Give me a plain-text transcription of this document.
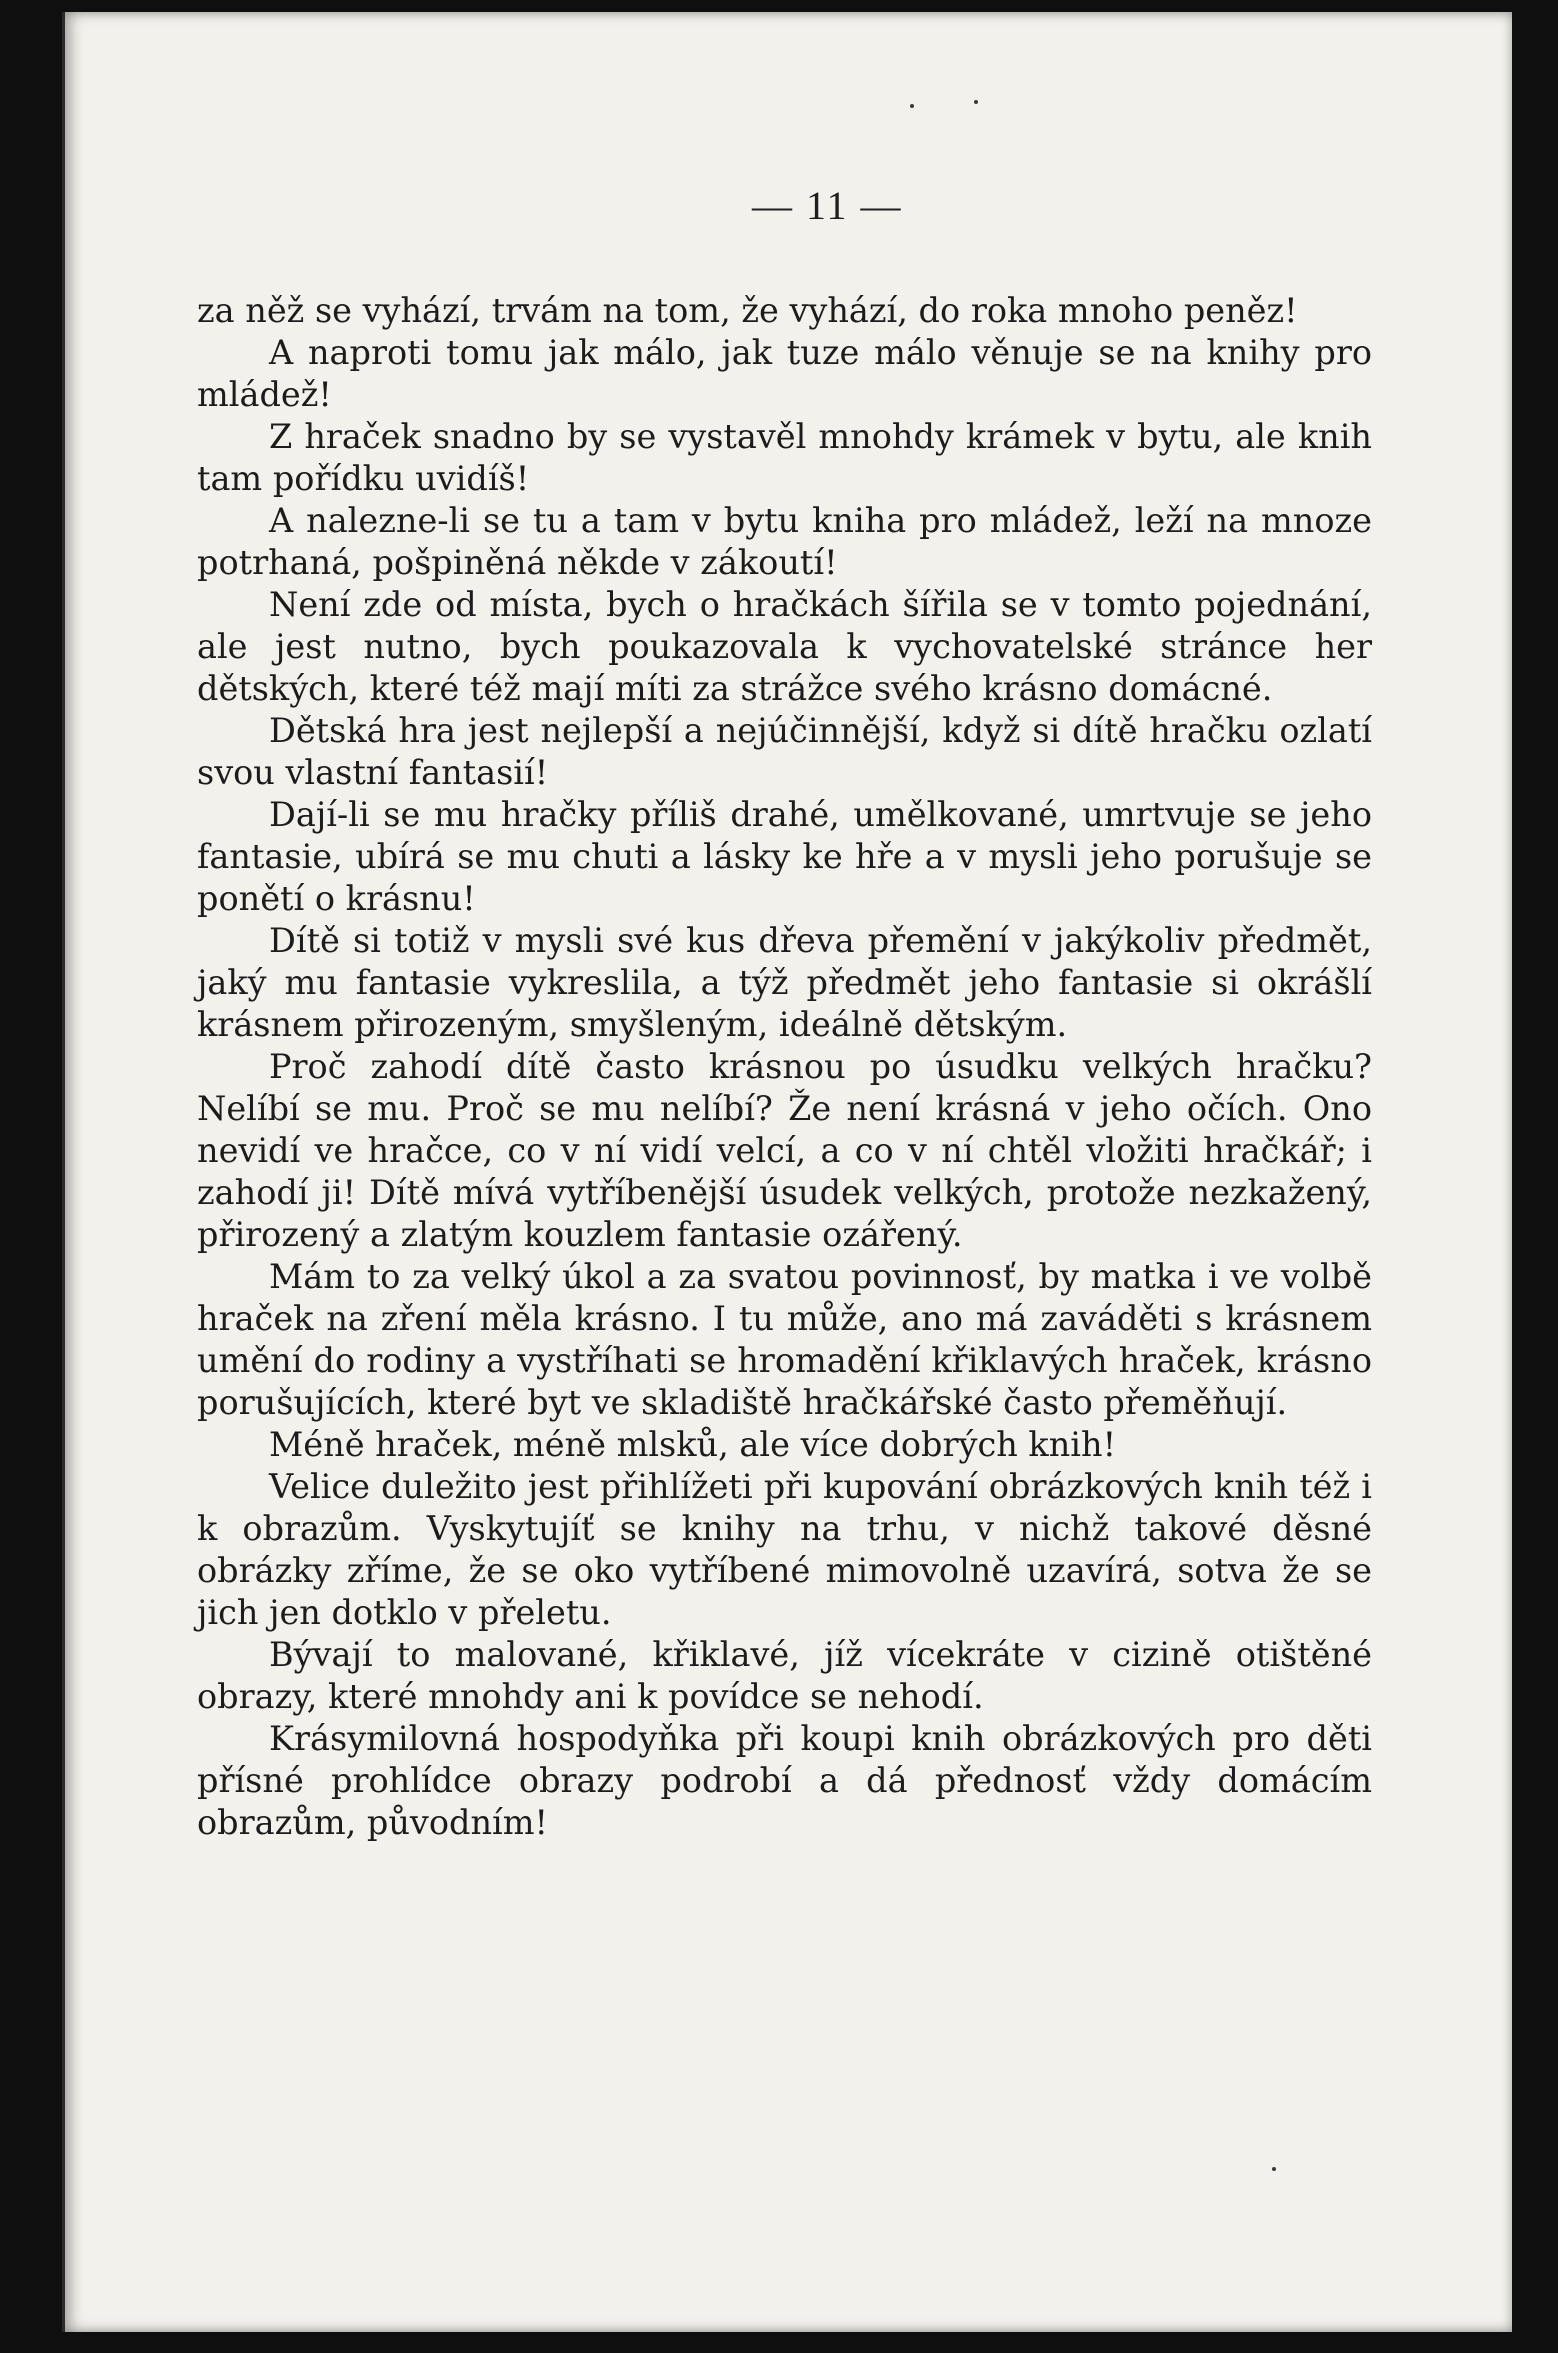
— 11 —

za něž se vyhází, trvám na tom, že vyhází, do roka mnoho peněz!

A naproti tomu jak málo, jak tuze málo věnuje se na knihy pro mládež!

Z hraček snadno by se vystavěl mnohdy krámek v bytu, ale knih tam pořídku uvidíš!

A nalezne-li se tu a tam v bytu kniha pro mládež, leží na mnoze potrhaná, pošpiněná někde v zákoutí!

Není zde od místa, bych o hračkách šířila se v tomto pojednání, ale jest nutno, bych poukazovala k vychovatelské stránce her dětských, které též mají míti za strážce svého krásno domácné.

Dětská hra jest nejlepší a nejúčinnější, když si dítě hračku ozlatí svou vlastní fantasií!

Dají-li se mu hračky příliš drahé, umělkované, umrtvuje se jeho fantasie, ubírá se mu chuti a lásky ke hře a v mysli jeho porušuje se ponětí o krásnu!

Dítě si totiž v mysli své kus dřeva přemění v jakýkoliv předmět, jaký mu fantasie vykreslila, a týž předmět jeho fantasie si okrášlí krásnem přirozeným, smyšleným, ideálně dětským.

Proč zahodí dítě často krásnou po úsudku velkých hračku? Nelíbí se mu. Proč se mu nelíbí? Že není krásná v jeho očích. Ono nevidí ve hračce, co v ní vidí velcí, a co v ní chtěl vložiti hračkář; i zahodí ji! Dítě mívá vytříbenější úsudek velkých, protože nezkažený, přirozený a zlatým kouzlem fantasie ozářený.

Mám to za velký úkol a za svatou povinnosť, by matka i ve volbě hraček na zření měla krásno. I tu může, ano má zaváděti s krásnem umění do rodiny a vystříhati se hromadění křiklavých hraček, krásno porušujících, které byt ve skladiště hračkářské často přeměňují.

Méně hraček, méně mlsků, ale více dobrých knih!

Velice duležito jest přihlížeti při kupování obrázkových knih též i k obrazům. Vyskytujíť se knihy na trhu, v nichž takové děsné obrázky zříme, že se oko vytříbené mimovolně uzavírá, sotva že se jich jen dotklo v přeletu.

Bývají to malované, křiklavé, jíž vícekráte v cizině otištěné obrazy, které mnohdy ani k povídce se nehodí.

Krásymilovná hospodyňka při koupi knih obrázkových pro děti přísné prohlídce obrazy podrobí a dá přednosť vždy domácím obrazům, původním!
